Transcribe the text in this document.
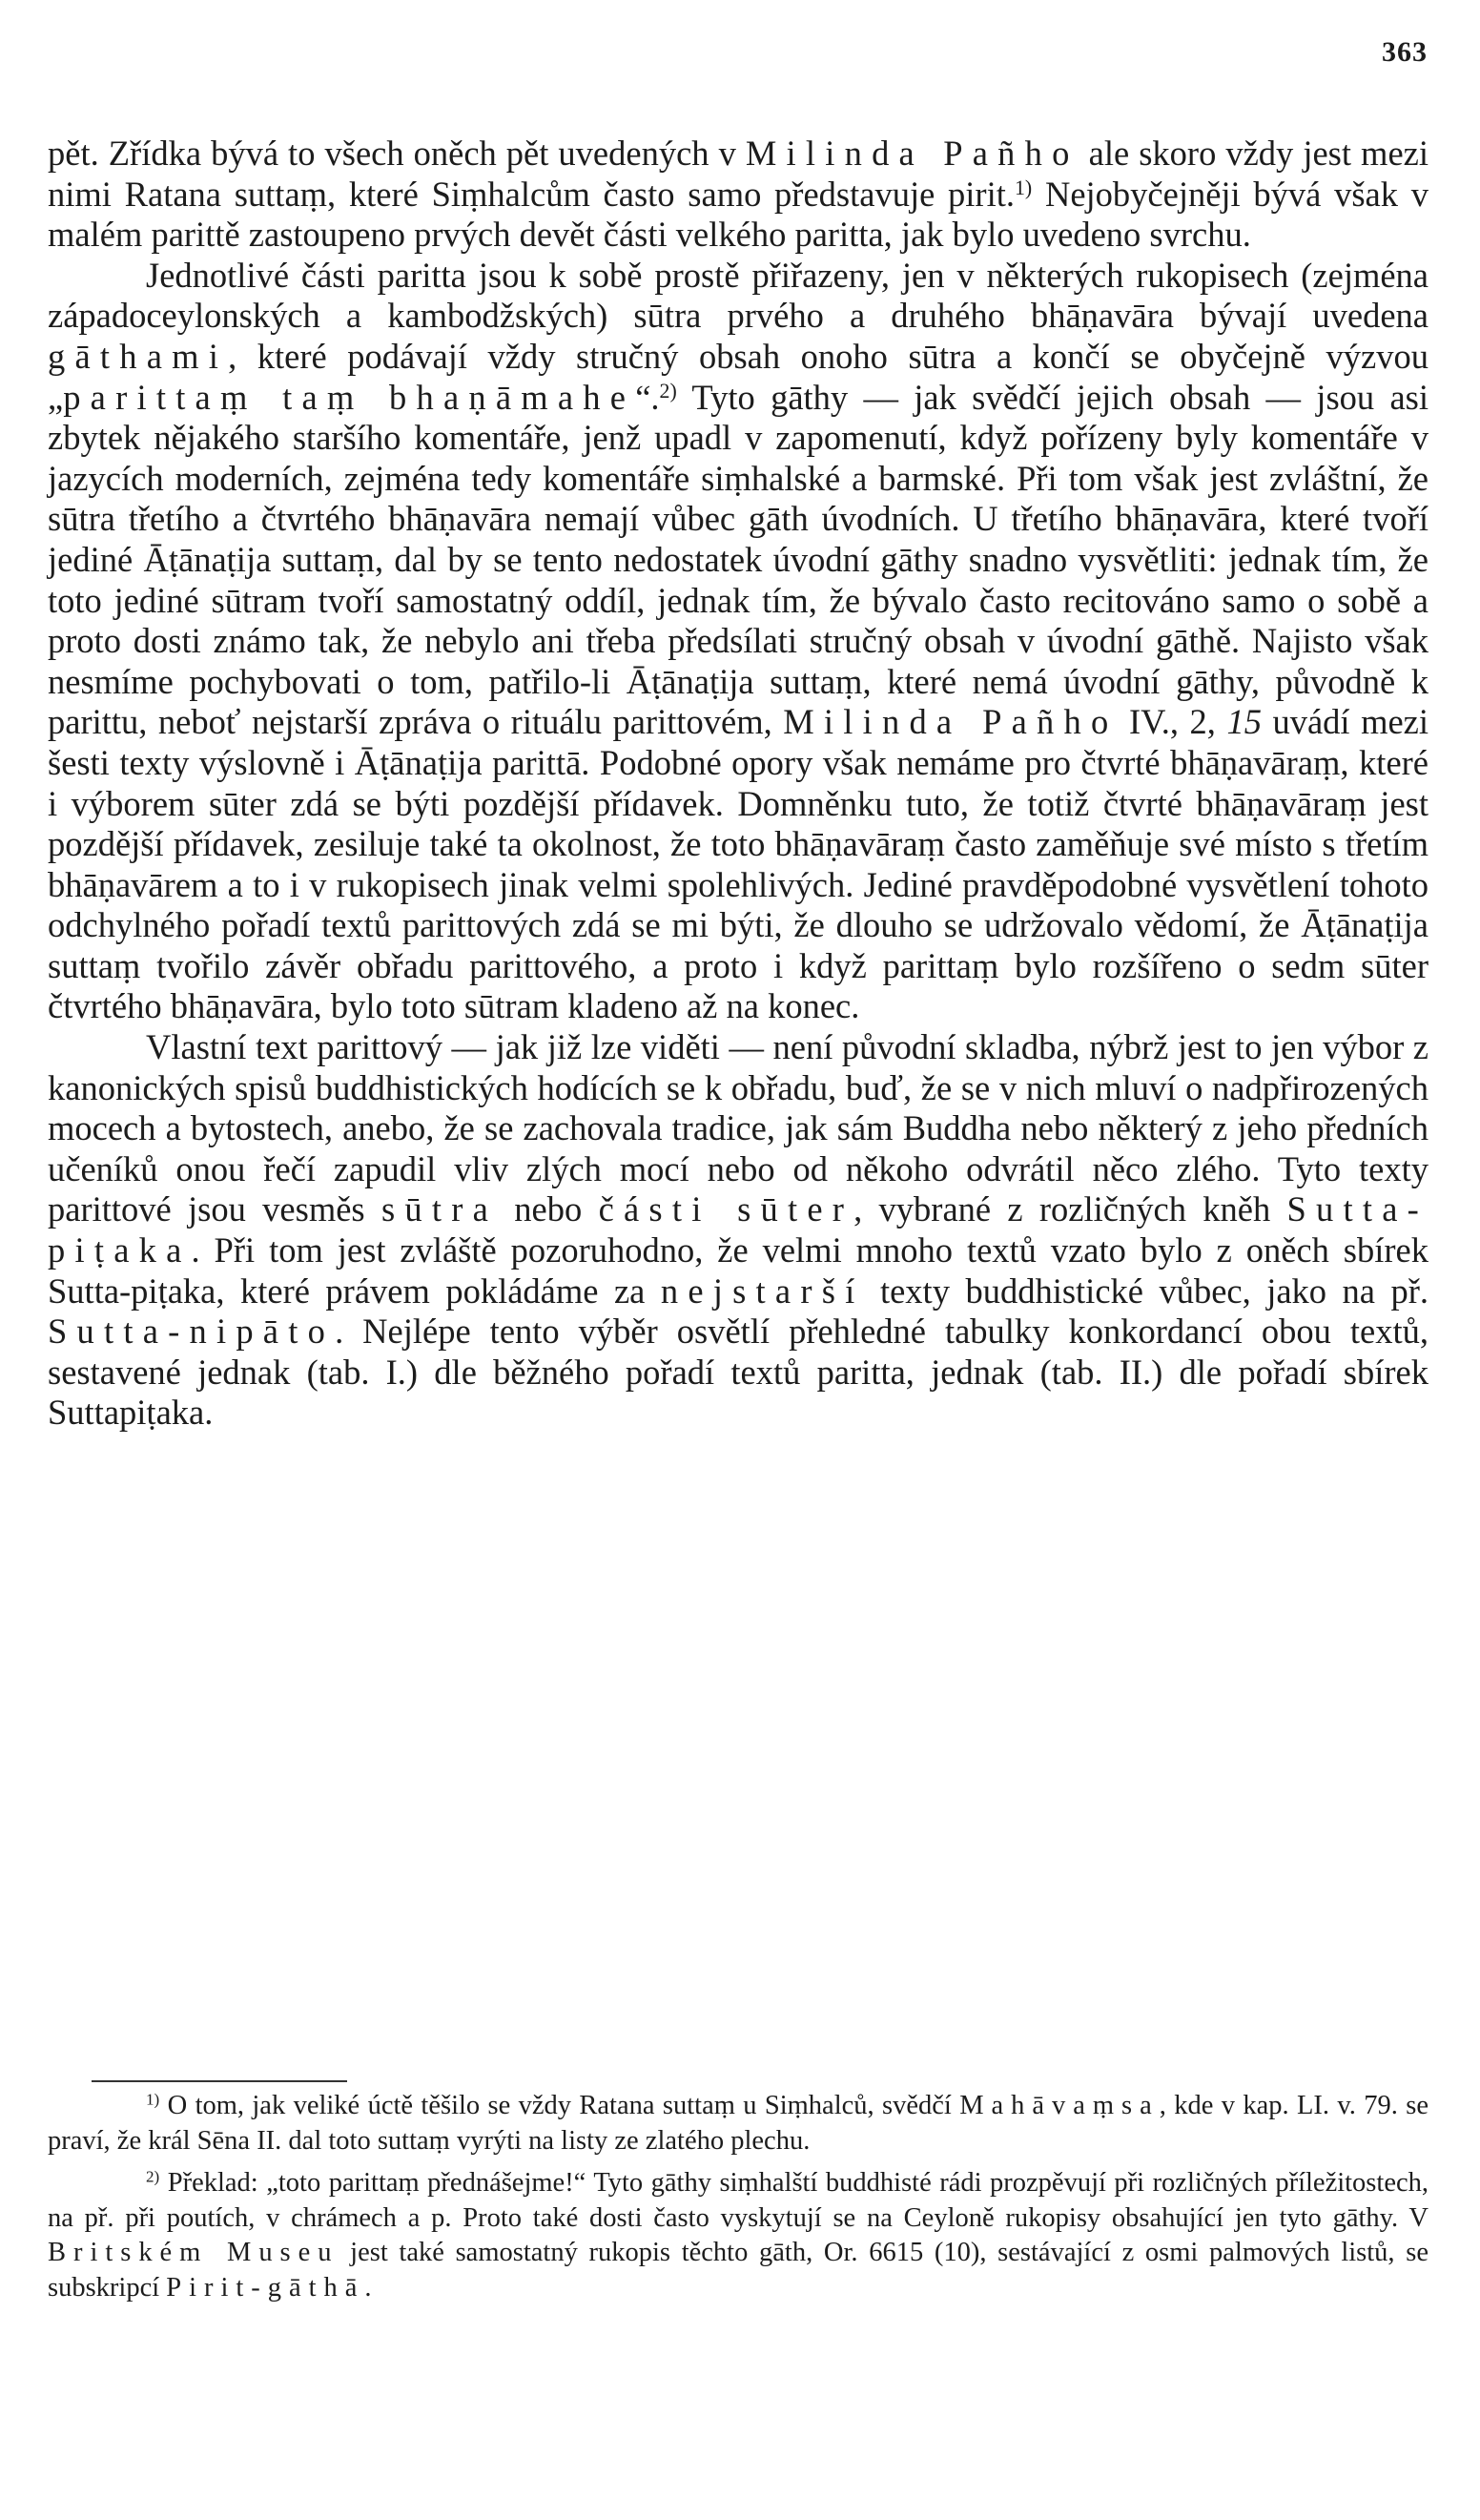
363

pět. Zřídka bývá to všech oněch pět uvedených v Milinda Pañho ale skoro vždy jest mezi nimi Ratana suttaṃ, které Siṃhalcům často samo představuje pirit.$^{1)}$ Nejobyčejněji bývá však v malém parittě zastoupeno prvých devět části velkého paritta, jak bylo uvedeno svrchu.

Jednotlivé části paritta jsou k sobě prostě přiřazeny, jen v některých rukopisech (zejména západoceylonských a kambodžských) sūtra prvého a druhého bhāṇavāra bývají uvedena gāthami, které podávají vždy stručný obsah onoho sūtra a končí se obyčejně výzvou „parittaṃ taṃ bhaṇāmahe“.$^{2)}$ Tyto gāthy — jak svědčí jejich obsah — jsou asi zbytek nějakého staršího komentáře, jenž upadl v zapomenutí, když pořízeny byly komentáře v jazycích moderních, zejména tedy komentáře siṃhalské a barmské. Při tom však jest zvláštní, že sūtra třetího a čtvrtého bhāṇavāra nemají vůbec gāth úvodních. U třetího bhāṇavāra, které tvoří jediné Āṭānaṭija suttaṃ, dal by se tento nedostatek úvodní gāthy snadno vysvětliti: jednak tím, že toto jediné sūtram tvoří samostatný oddíl, jednak tím, že bývalo často recitováno samo o sobě a proto dosti známo tak, že nebylo ani třeba předsílati stručný obsah v úvodní gāthě. Najisto však nesmíme pochybovati o tom, patřilo-li Āṭānaṭija suttaṃ, které nemá úvodní gāthy, původně k parittu, neboť nejstarší zpráva o rituálu parittovém, Milinda Pañho IV., 2, 15 uvádí mezi šesti texty výslovně i Āṭānaṭija parittā. Podobné opory však nemáme pro čtvrté bhāṇavāraṃ, které i výborem sūter zdá se býti pozdější přídavek. Domněnku tuto, že totiž čtvrté bhāṇavāraṃ jest pozdější přídavek, zesiluje také ta okolnost, že toto bhāṇavāraṃ často zaměňuje své místo s třetím bhāṇavārem a to i v rukopisech jinak velmi spolehlivých. Jediné pravděpodobné vysvětlení tohoto odchylného pořadí textů parittových zdá se mi býti, že dlouho se udržovalo vědomí, že Āṭānaṭija suttaṃ tvořilo závěr obřadu parittového, a proto i když parittaṃ bylo rozšířeno o sedm sūter čtvrtého bhāṇavāra, bylo toto sūtram kladeno až na konec.

Vlastní text parittový — jak již lze viděti — není původní skladba, nýbrž jest to jen výbor z kanonických spisů buddhistických hodících se k obřadu, buď, že se v nich mluví o nadpřirozených mocech a bytostech, anebo, že se zachovala tradice, jak sám Buddha nebo některý z jeho předních učeníků onou řečí zapudil vliv zlých mocí nebo od někoho odvrátil něco zlého. Tyto texty parittové jsou vesměs sūtra nebo části sūter, vybrané z rozličných kněh Sutta-piṭaka. Při tom jest zvláště pozoruhodno, že velmi mnoho textů vzato bylo z oněch sbírek Sutta-piṭaka, které právem pokládáme za nejstarší texty buddhistické vůbec, jako na př. Sutta-nipāto. Nejlépe tento výběr osvětlí přehledné tabulky konkordancí obou textů, sestavené jednak (tab. I.) dle běžného pořadí textů paritta, jednak (tab. II.) dle pořadí sbírek Suttapiṭaka.

$^{1)}$ O tom, jak veliké úctě těšilo se vždy Ratana suttaṃ u Siṃhalců, svědčí Mahāvaṃsa, kde v kap. LI. v. 79. se praví, že král Sēna II. dal toto suttaṃ vyrýti na listy ze zlatého plechu.

$^{2)}$ Překlad: „toto parittaṃ přednášejme!“ Tyto gāthy siṃhalští buddhisté rádi prozpěvují při rozličných příležitostech, na př. při poutích, v chrámech a p. Proto také dosti často vyskytují se na Ceyloně rukopisy obsahující jen tyto gāthy. V Britském Museu jest také samostatný rukopis těchto gāth, Or. 6615 (10), sestávající z osmi palmových listů, se subskripcí Pirit-gāthā.
